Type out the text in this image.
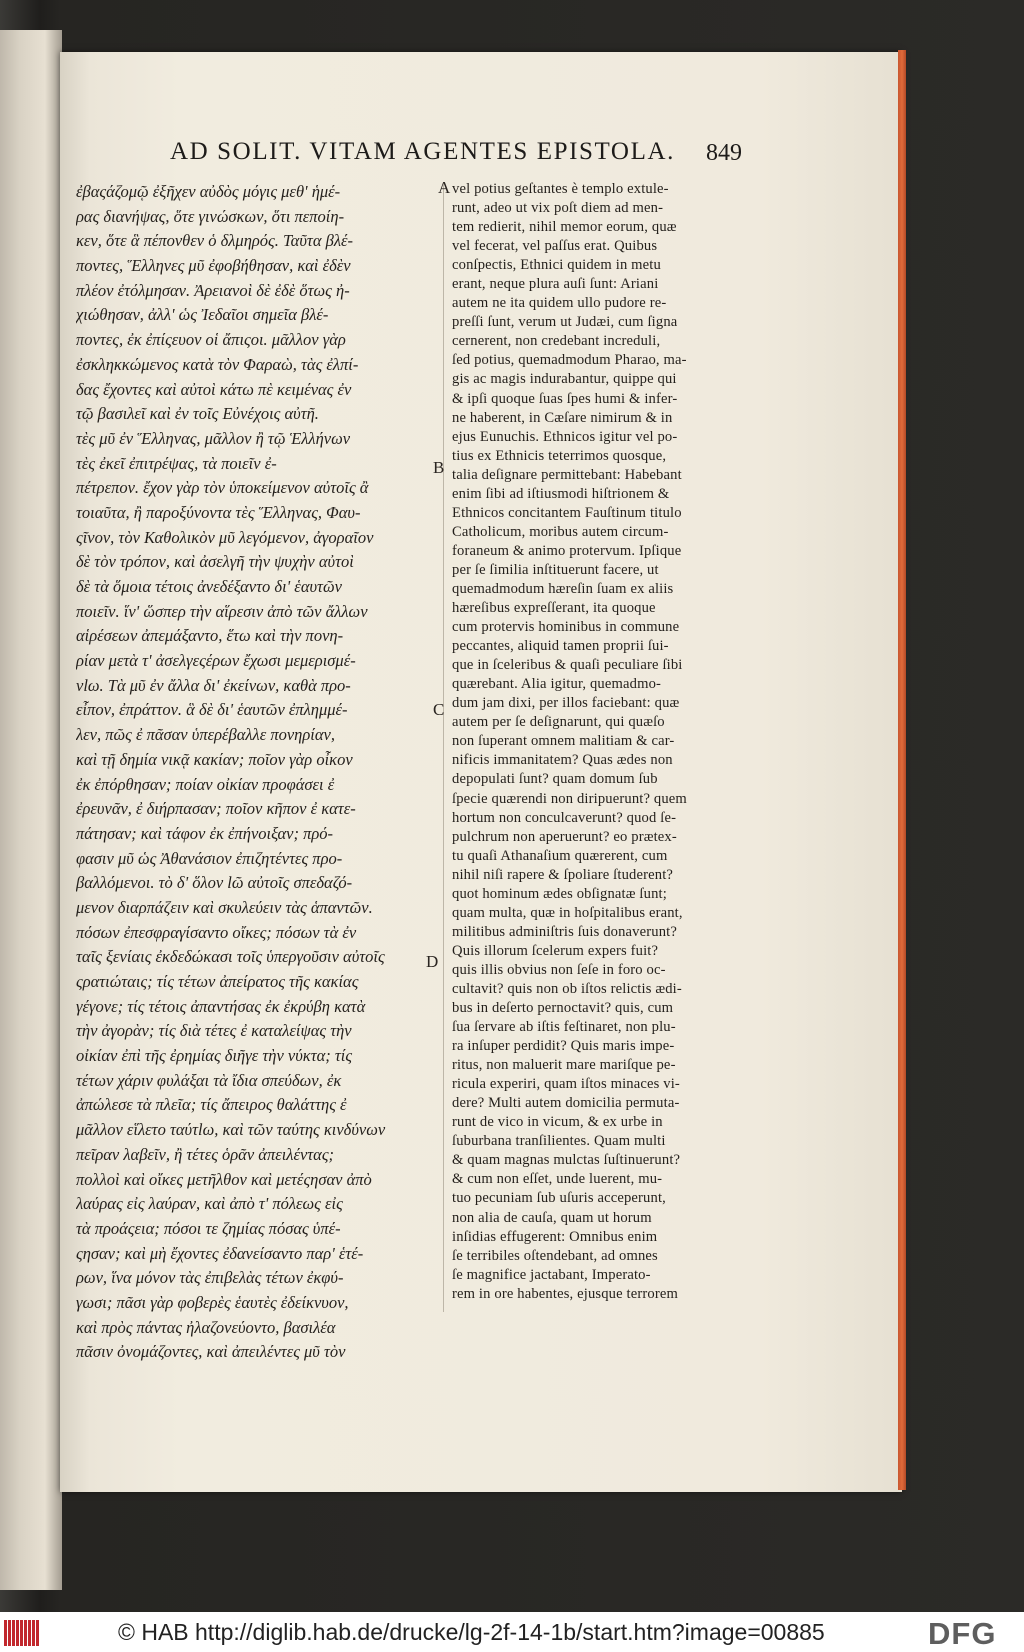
AD SOLIT. VITAM AGENTES EPISTOLA.	849
ἐβαςάζομῷ ἐξῆχεν αὐδὸς μόγις μεθ' ἡμέ-
ρας διανήψας, ὅτε γινώσκων, ὅτι πεποίη-
κεν, ὅτε ἃ πέπονθεν ὁ δλμηρός. Ταῦτα βλέ-
ποντες, Ἕλληνες μῦ ἐφοβήθησαν, καὶ ἐδὲν
πλέον ἐτόλμησαν. Ἀρειανοὶ δὲ ἐδὲ ὅτως ἠ-
χιώθησαν, ἀλλ' ὡς Ἰεδαῖοι σημεῖα βλέ-
ποντες, ἐκ ἐπίςευον οἱ ἄπιςοι. μᾶλλον γὰρ
ἐσκληκκώμενος κατὰ τὸν Φαραὼ, τὰς ἐλπί-
δας ἔχοντες καὶ αὐτοὶ κάτω πὲ κειμένας ἐν
τῷ βασιλεῖ καὶ ἐν τοῖς Εὐνέχοις αὐτῆ.
τὲς μῦ ἐν Ἕλληνας, μᾶλλον ἢ τῷ Ἑλλήνων
τὲς ἐκεῖ ἐπιτρέψας, τὰ ποιεῖν ἐ-
πέτρεπον. ἔχον γὰρ τὸν ὑποκείμενον αὐτοῖς ἂ
τοιαῦτα, ἢ παροξύνοντα τὲς Ἕλληνας, Φαυ-
ςῖνον, τὸν Καθολικὸν μῦ λεγόμενον, ἀγοραῖον
δὲ τὸν τρόπον, καὶ ἀσελγῆ τὴν ψυχὴν αὐτοὶ
δὲ τὰ ὅμοια τέτοις ἀνεδέξαντο δι' ἑαυτῶν
ποιεῖν. ἵν' ὥσπερ τὴν αἵρεσιν ἀπὸ τῶν ἄλλων
αἱρέσεων ἀπεμάξαντο, ἕτω καὶ τὴν πονη-
ρίαν μετὰ τ' ἀσελγεςέρων ἔχωσι μεμερισμέ-
νlω. Τὰ μῦ ἐν ἄλλα δι' ἐκείνων, καθὰ προ-
εἶπον, ἐπράττον. ἃ δὲ δι' ἑαυτῶν ἐπλημμέ-
λεν, πῶς ἐ πᾶσαν ὑπερέβαλλε πονηρίαν,
καὶ τῇ δημία νικᾷ κακίαν; ποῖον γὰρ οἶκον
ἐκ ἐπόρθησαν; ποίαν οἰκίαν προφάσει ἐ
ἐρευνᾶν, ἐ διήρπασαν; ποῖον κῆπον ἐ κατε-
πάτησαν; καὶ τάφον ἐκ ἐπήνοιξαν; πρό-
φασιν μῦ ὡς Ἀθανάσιον ἐπιζητέντες προ-
βαλλόμενοι. τὸ δ' ὅλον lῶ αὐτοῖς σπεδαζό-
μενον διαρπάζειν καὶ σκυλεύειν τὰς ἁπαντῶν.
πόσων ἐπεσφραγίσαντο οἴκες; πόσων τὰ ἐν
ταῖς ξενίαις ἐκδεδώκασι τοῖς ὑπεργοῦσιν αὐτοῖς
ςρατιώταις; τίς τέτων ἀπείρατος τῆς κακίας
γέγονε; τίς τέτοις ἀπαντήσας ἐκ ἐκρύβη κατὰ
τὴν ἀγορὰν; τίς διὰ τέτες ἐ καταλείψας τὴν
οἰκίαν ἐπὶ τῆς ἐρημίας διῆγε τὴν νύκτα; τίς
τέτων χάριν φυλάξαι τὰ ἴδια σπεύδων, ἐκ
ἀπώλεσε τὰ πλεῖα; τίς ἄπειρος θαλάττης ἐ
μᾶλλον εἵλετο ταύτlω, καὶ τῶν ταύτης κινδύνων
πεῖραν λαβεῖν, ἢ τέτες ὁρᾶν ἀπειλέντας;
πολλοὶ καὶ οἴκες μετῆλθον καὶ μετέςησαν ἀπὸ
λαύρας εἰς λαύραν, καὶ ἀπὸ τ' πόλεως εἰς
τὰ προάςεια; πόσοι τε ζημίας πόσας ὑπέ-
ςησαν; καὶ μὴ ἔχοντες ἐδανείσαντο παρ' ἑτέ-
ρων, ἵνα μόνον τὰς ἐπιβελὰς τέτων ἐκφύ-
γωσι; πᾶσι γὰρ φοβερὲς ἑαυτὲς ἐδείκνυον,
καὶ πρὸς πάντας ἠλαζονεύοντο, βασιλέα
πᾶσιν ὀνομάζοντες, καὶ ἀπειλέντες μῦ τὸν
vel potius geſtantes è templo extule-
runt, adeo ut vix poſt diem ad men-
tem redierit, nihil memor eorum, quæ
vel fecerat, vel paſſus erat. Quibus
conſpectis, Ethnici quidem in metu
erant, neque plura auſi ſunt: Ariani
autem ne ita quidem ullo pudore re-
preſſi ſunt, verum ut Judæi, cum ſigna
cernerent, non credebant increduli,
ſed potius, quemadmodum Pharao, ma-
gis ac magis indurabantur, quippe qui
& ipſi quoque ſuas ſpes humi & infer-
ne haberent, in Cæſare nimirum & in
ejus Eunuchis. Ethnicos igitur vel po-
tius ex Ethnicis teterrimos quosque,
talia deſignare permittebant: Habebant
enim ſibi ad iſtiusmodi hiſtrionem &
Ethnicos concitantem Fauſtinum titulo
Catholicum, moribus autem circum-
foraneum & animo protervum. Ipſique
per ſe ſimilia inſtituerunt facere, ut
quemadmodum hæreſin ſuam ex aliis
hæreſibus expreſſerant, ita quoque
cum protervis hominibus in commune
peccantes, aliquid tamen proprii ſui-
que in ſceleribus & quaſi peculiare ſibi
quærebant. Alia igitur, quemadmo-
dum jam dixi, per illos faciebant: quæ
autem per ſe deſignarunt, qui quæſo
non ſuperant omnem malitiam & car-
nificis immanitatem? Quas ædes non
depopulati ſunt? quam domum ſub
ſpecie quærendi non diripuerunt? quem
hortum non conculcaverunt? quod ſe-
pulchrum non aperuerunt? eo prætex-
tu quaſi Athanaſium quærerent, cum
nihil niſi rapere & ſpoliare ſtuderent?
quot hominum ædes obſignatæ ſunt;
quam multa, quæ in hoſpitalibus erant,
militibus adminiſtris ſuis donaverunt?
Quis illorum ſcelerum expers fuit?
quis illis obvius non ſeſe in foro oc-
cultavit? quis non ob iſtos relictis ædi-
bus in deſerto pernoctavit? quis, cum
ſua ſervare ab iſtis feſtinaret, non plu-
ra inſuper perdidit? Quis maris impe-
ritus, non maluerit mare mariſque pe-
ricula experiri, quam iſtos minaces vi-
dere? Multi autem domicilia permuta-
runt de vico in vicum, & ex urbe in
ſuburbana tranſilientes. Quam multi
& quam magnas mulctas ſuſtinuerunt?
& cum non eſſet, unde luerent, mu-
tuo pecuniam ſub uſuris acceperunt,
non alia de cauſa, quam ut horum
inſidias effugerent: Omnibus enim
ſe terribiles oſtendebant, ad omnes
ſe magnifice jactabant, Imperato-
rem in ore habentes, ejusque terrorem
A
B
C
D
© HAB http://diglib.hab.de/drucke/lg-2f-14-1b/start.htm?image=00885	DFG
